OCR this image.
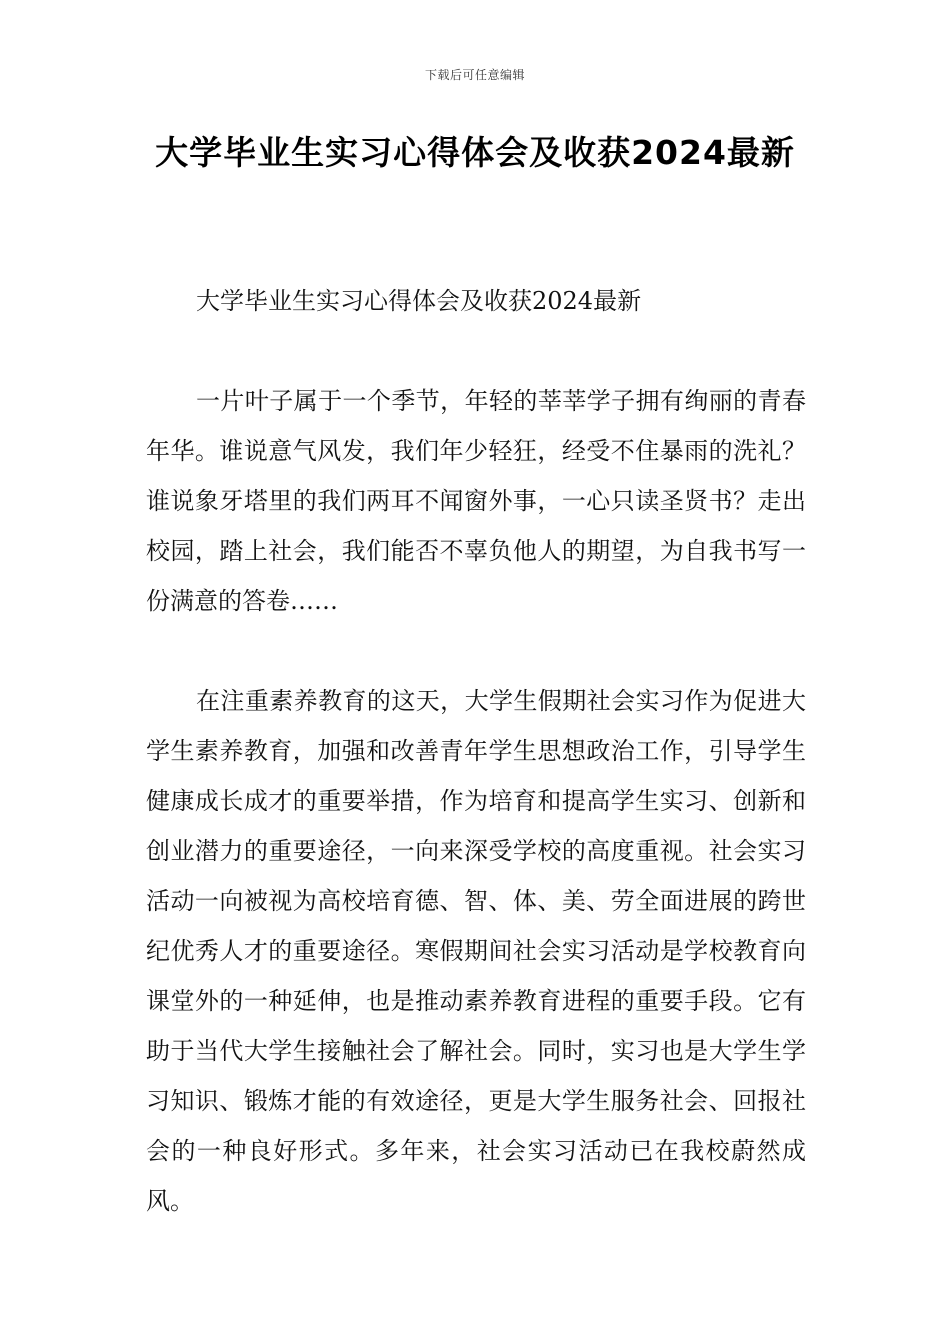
下载后可任意编辑
大学毕业生实习心得体会及收获2024最新

大学毕业生实习心得体会及收获2024最新

一片叶子属于一个季节，年轻的莘莘学子拥有绚丽的青春年华。谁说意气风发，我们年少轻狂，经受不住暴雨的洗礼？谁说象牙塔里的我们两耳不闻窗外事，一心只读圣贤书？走出校园，踏上社会，我们能否不辜负他人的期望，为自我书写一份满意的答卷……

在注重素养教育的这天，大学生假期社会实习作为促进大学生素养教育，加强和改善青年学生思想政治工作，引导学生健康成长成才的重要举措，作为培育和提高学生实习、创新和创业潜力的重要途径，一向来深受学校的高度重视。社会实习活动一向被视为高校培育德、智、体、美、劳全面进展的跨世纪优秀人才的重要途径。寒假期间社会实习活动是学校教育向课堂外的一种延伸，也是推动素养教育进程的重要手段。它有助于当代大学生接触社会了解社会。同时，实习也是大学生学习知识、锻炼才能的有效途径，更是大学生服务社会、回报社会的一种良好形式。多年来，社会实习活动已在我校蔚然成风。
